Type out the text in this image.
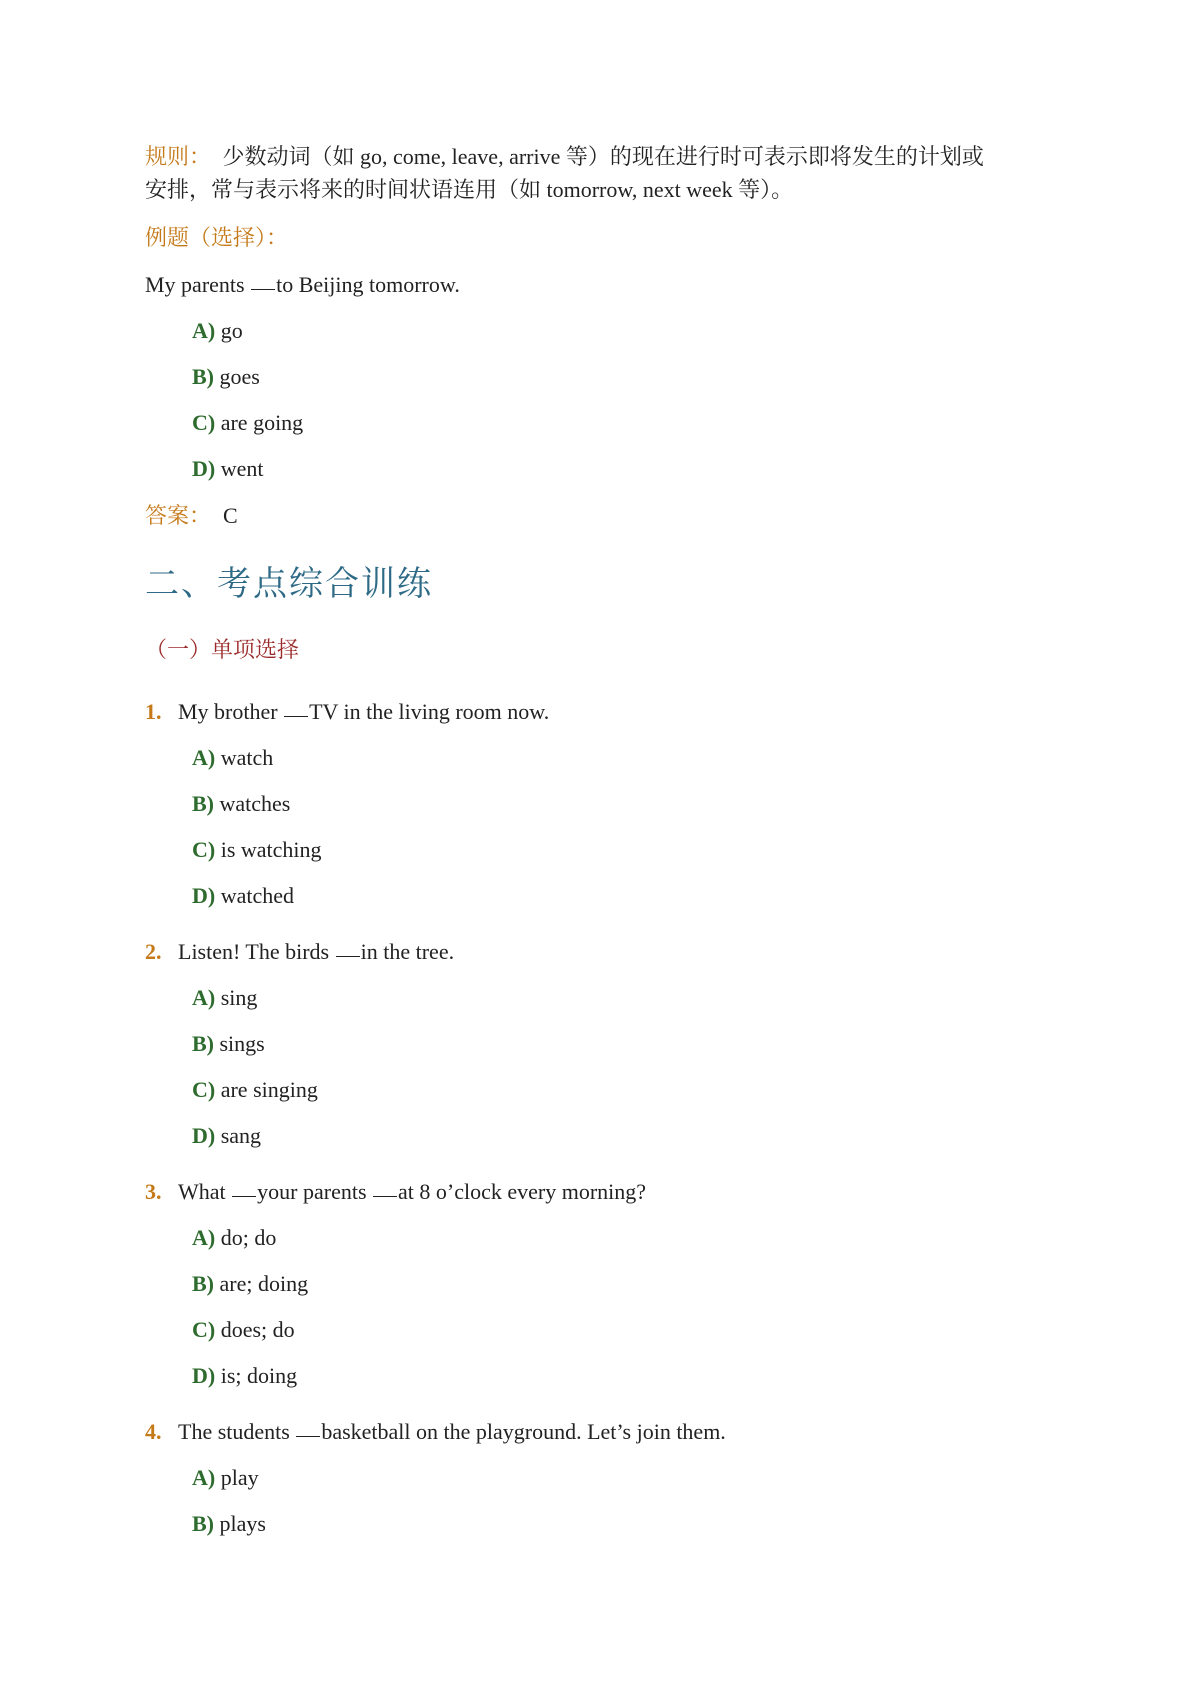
规则： 少数动词（如 go, come, leave, arrive 等）的现在进行时可表示即将发生的计划或
安排，常与表示将来的时间状语连用（如 tomorrow, next week 等）。
例题（选择）：
My parents to Beijing tomorrow.
A) go
B) goes
C) are going
D) went
答案： C
二、考点综合训练
（一）单项选择
1. My brother TV in the living room now.
A) watch
B) watches
C) is watching
D) watched
2. Listen! The birds in the tree.
A) sing
B) sings
C) are singing
D) sang
3. What your parents at 8 o’clock every morning?
A) do; do
B) are; doing
C) does; do
D) is; doing
4. The students basketball on the playground. Let’s join them.
A) play
B) plays
